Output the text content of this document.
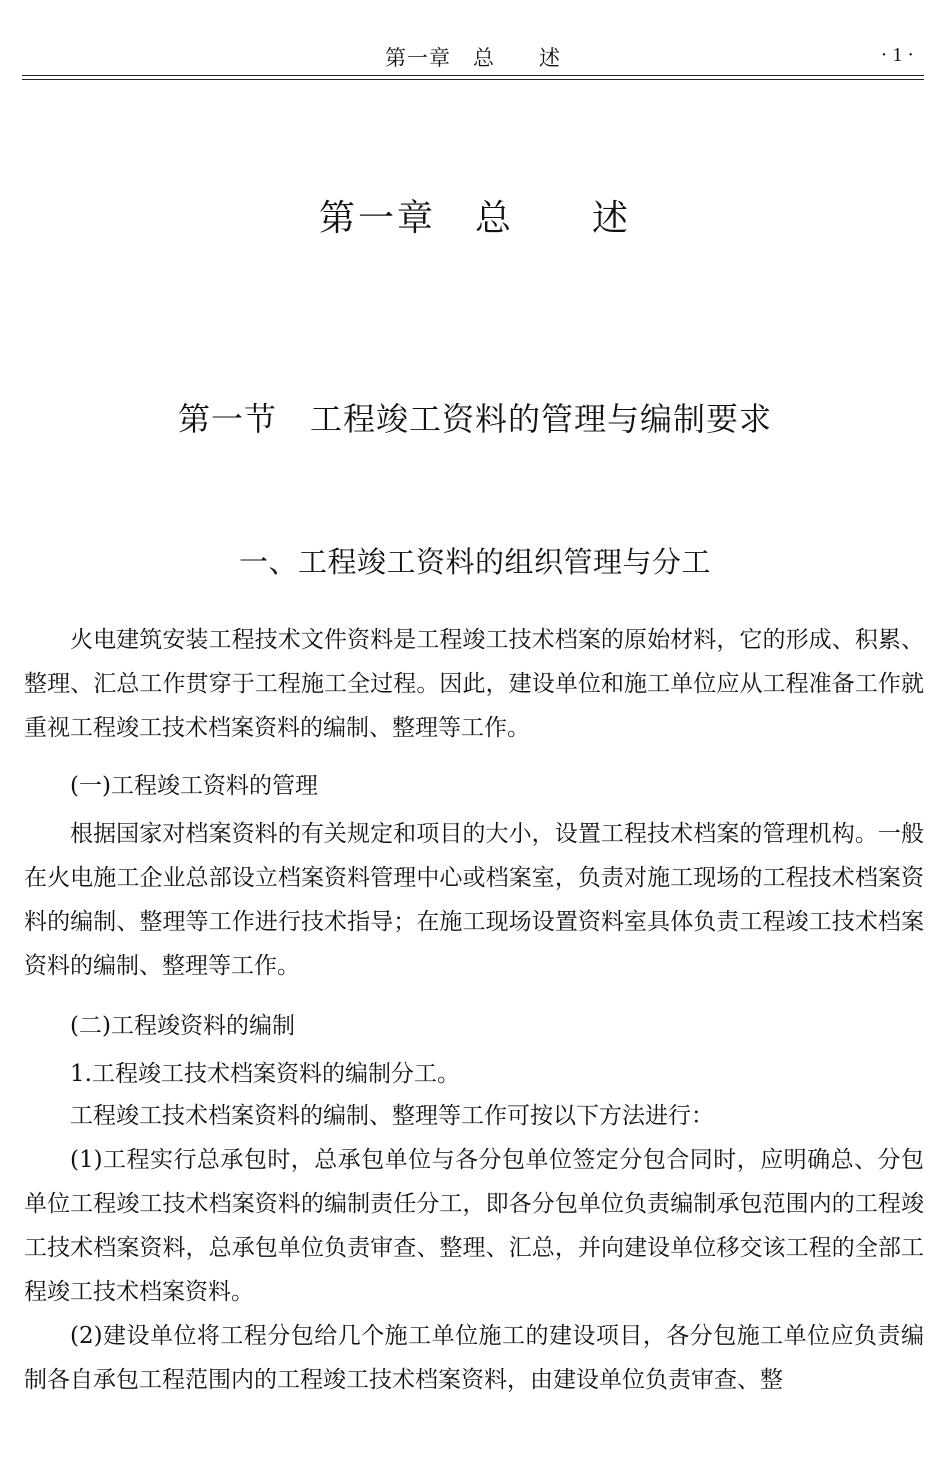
第一章　总　　述	· 1 ·
第一章　总　　述
第一节　工程竣工资料的管理与编制要求
一、工程竣工资料的组织管理与分工

火电建筑安装工程技术文件资料是工程竣工技术档案的原始材料，它的形成、积累、整理、汇总工作贯穿于工程施工全过程。因此，建设单位和施工单位应从工程准备工作就重视工程竣工技术档案资料的编制、整理等工作。

(一)工程竣工资料的管理

根据国家对档案资料的有关规定和项目的大小，设置工程技术档案的管理机构。一般在火电施工企业总部设立档案资料管理中心或档案室，负责对施工现场的工程技术档案资料的编制、整理等工作进行技术指导；在施工现场设置资料室具体负责工程竣工技术档案资料的编制、整理等工作。

(二)工程竣资料的编制

1.工程竣工技术档案资料的编制分工。

工程竣工技术档案资料的编制、整理等工作可按以下方法进行：

(1)工程实行总承包时，总承包单位与各分包单位签定分包合同时，应明确总、分包单位工程竣工技术档案资料的编制责任分工，即各分包单位负责编制承包范围内的工程竣工技术档案资料，总承包单位负责审查、整理、汇总，并向建设单位移交该工程的全部工程竣工技术档案资料。

(2)建设单位将工程分包给几个施工单位施工的建设项目，各分包施工单位应负责编制各自承包工程范围内的工程竣工技术档案资料，由建设单位负责审查、整
